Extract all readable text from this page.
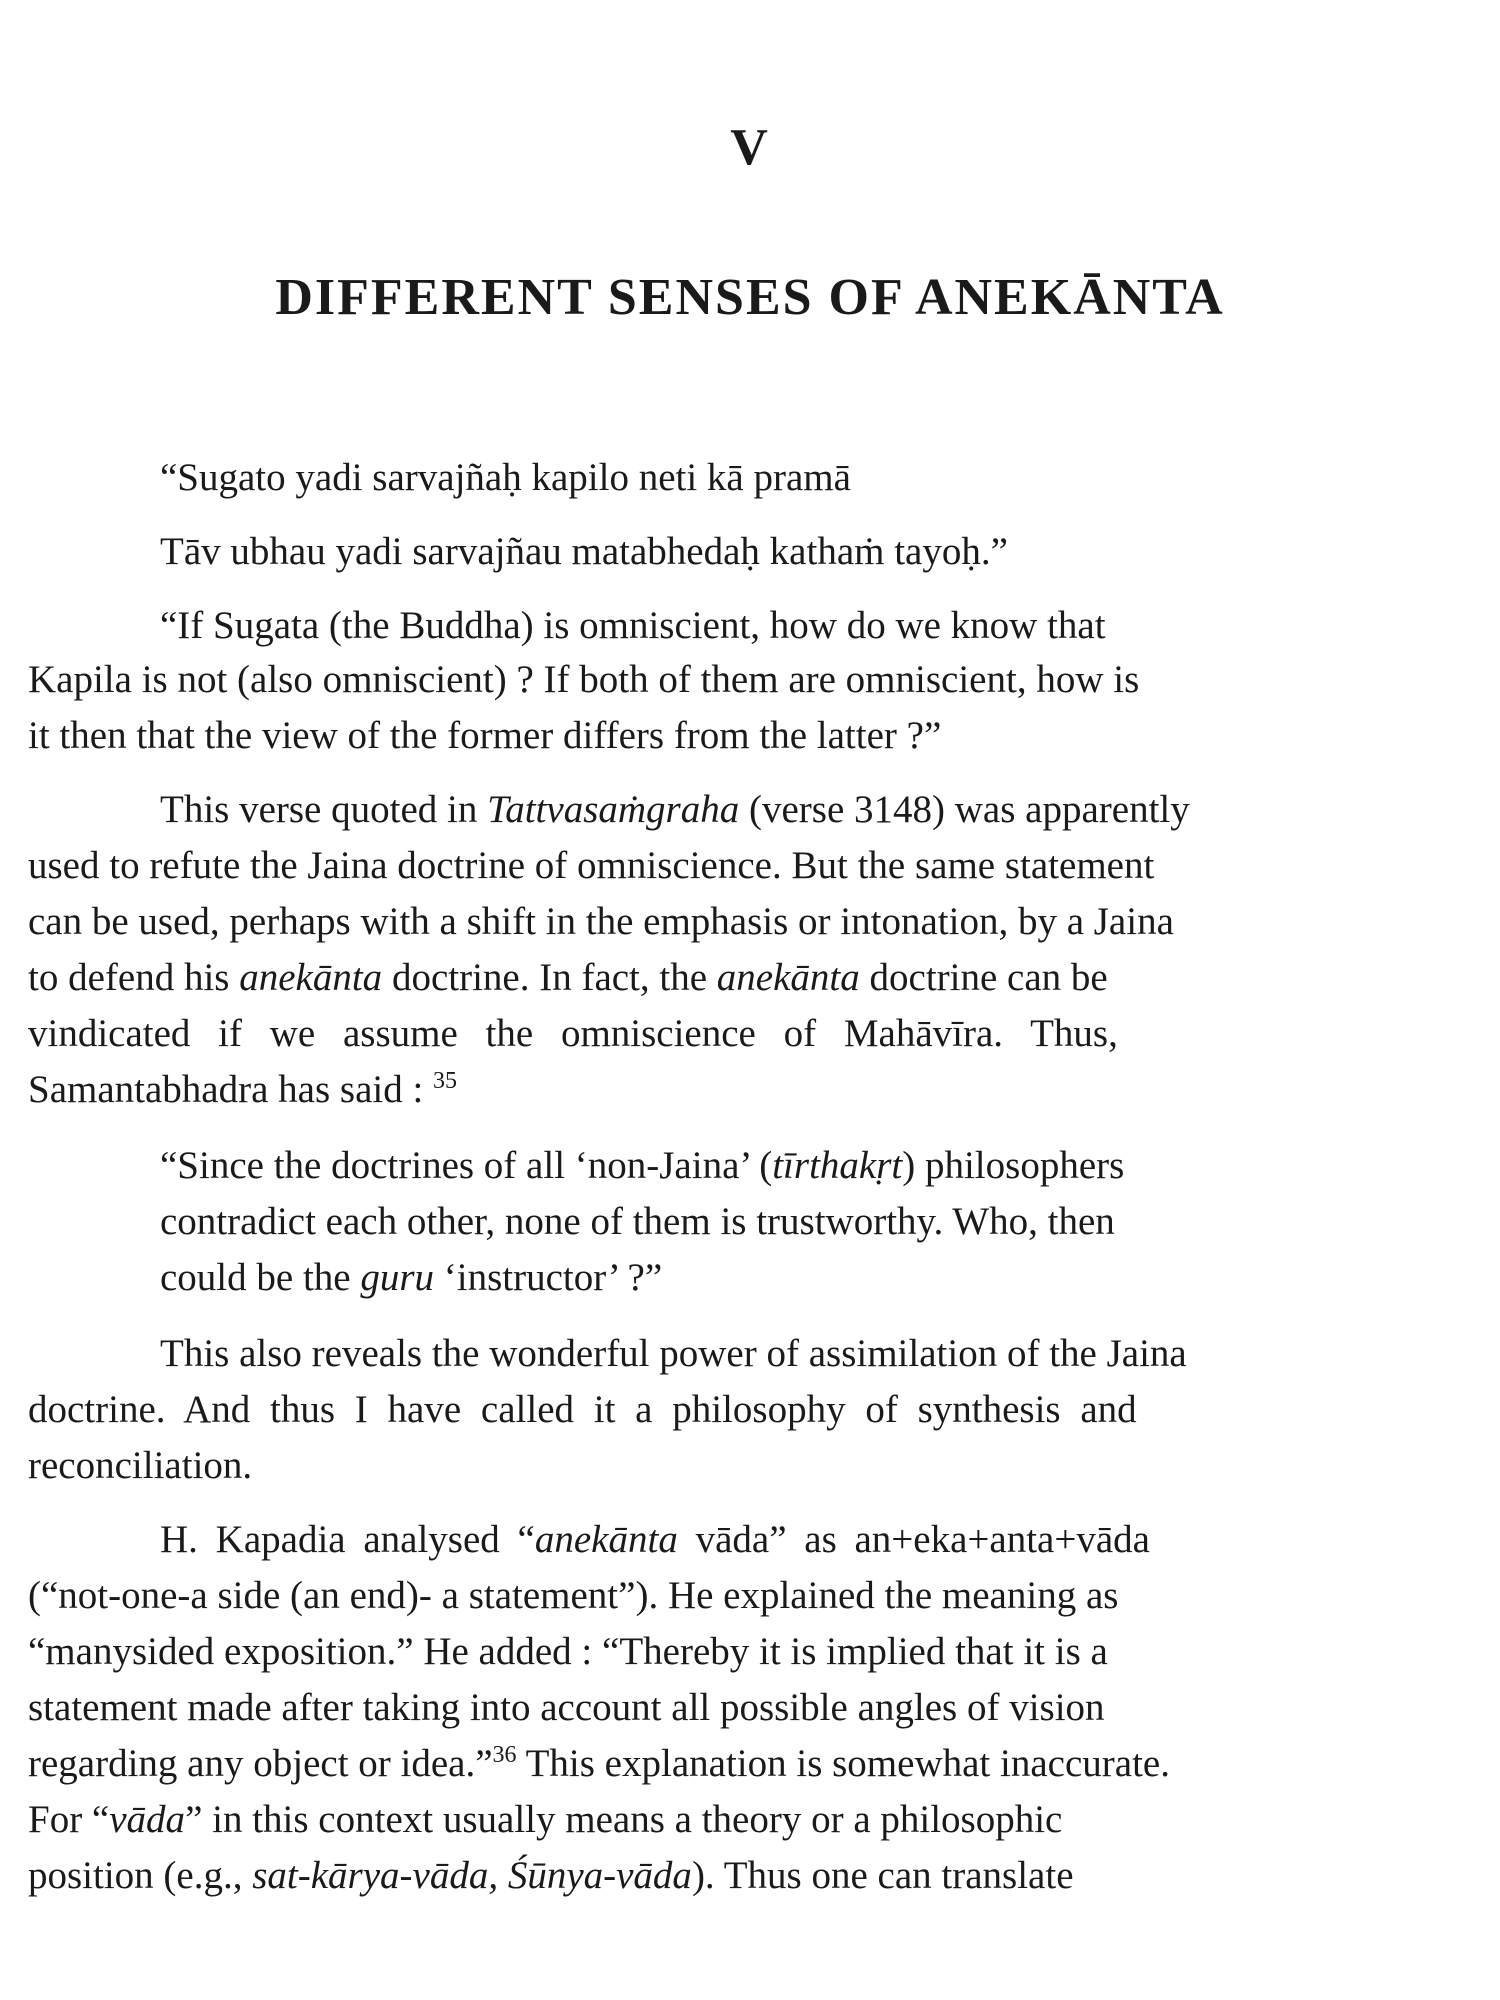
V
DIFFERENT SENSES OF ANEKĀNTA
“Sugato yadi sarvajñaḥ kapilo neti kā pramā
Tāv ubhau yadi sarvajñau matabhedaḥ kathaṁ tayoḥ.”
“If Sugata (the Buddha) is omniscient, how do we know that
Kapila is not (also omniscient) ? If both of them are omniscient, how is
it then that the view of the former differs from the latter ?”
This verse quoted in Tattvasaṁgraha (verse 3148) was apparently
used to refute the Jaina doctrine of omniscience. But the same statement
can be used, perhaps with a shift in the emphasis or intonation, by a Jaina
to defend his anekānta doctrine. In fact, the anekānta doctrine can be
vindicated if we assume the omniscience of Mahāvīra. Thus,
Samantabhadra has said : $^{35}$
“Since the doctrines of all ‘non-Jaina’ (tīrthakṛt) philosophers
contradict each other, none of them is trustworthy. Who, then
could be the guru ‘instructor’ ?”
This also reveals the wonderful power of assimilation of the Jaina
doctrine. And thus I have called it a philosophy of synthesis and
reconciliation.
H. Kapadia analysed “anekānta vāda” as an+eka+anta+vāda
(“not-one-a side (an end)- a statement”). He explained the meaning as
“manysided exposition.” He added : “Thereby it is implied that it is a
statement made after taking into account all possible angles of vision
regarding any object or idea.”$^{36}$ This explanation is somewhat inaccurate.
For “vāda” in this context usually means a theory or a philosophic
position (e.g., sat-kārya-vāda, Śūnya-vāda). Thus one can translate
